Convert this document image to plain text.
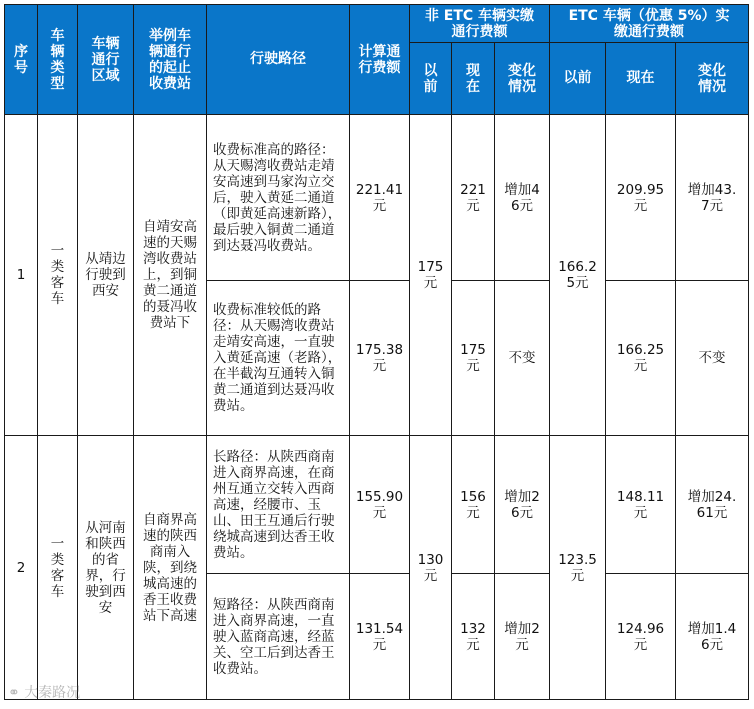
序号	车辆类型	车辆通行区域	举例车辆通行的起止收费站	行驶路径	计算通行费额	非 ETC 车辆实缴通行费额			ETC 车辆（优惠 5%）实缴通行费额		

						以前	现在	变化情况	以前	现在	变化情况

1	一类客车	从靖边行驶到西安	自靖安高速的天赐湾收费站上，到铜黄二通道的聂冯收费站下	收费标准高的路径：从天赐湾收费站走靖安高速到马家沟立交后，驶入黄延二通道（即黄延高速新路），最后驶入铜黄二通道到达聂冯收费站。	221.41元	175元	221元	增加46元	166.25元	209.95元	增加43.7元

				收费标准较低的路径：从天赐湾收费站走靖安高速，一直驶入黄延高速（老路），在半截沟互通转入铜黄二通道到达聂冯收费站。	175.38元		175元	不变		166.25元	不变

2	一类客车	从河南和陕西的省界，行驶到西安	自商界高速的陕西商南入陕，到绕城高速的香王收费站下高速	长路径：从陕西商南进入商界高速，在商州互通立交转入西商高速，经腰市、玉山、田王互通后行驶绕城高速到达香王收费站。	155.90元	130元	156元	增加26元	123.5元	148.11元	增加24.61元

				短路径：从陕西商南进入商界高速，一直驶入蓝商高速，经蓝关、空工后到达香王收费站。	131.54元		132元	增加2元		124.96元	增加1.46元
⚭ 大秦路况
